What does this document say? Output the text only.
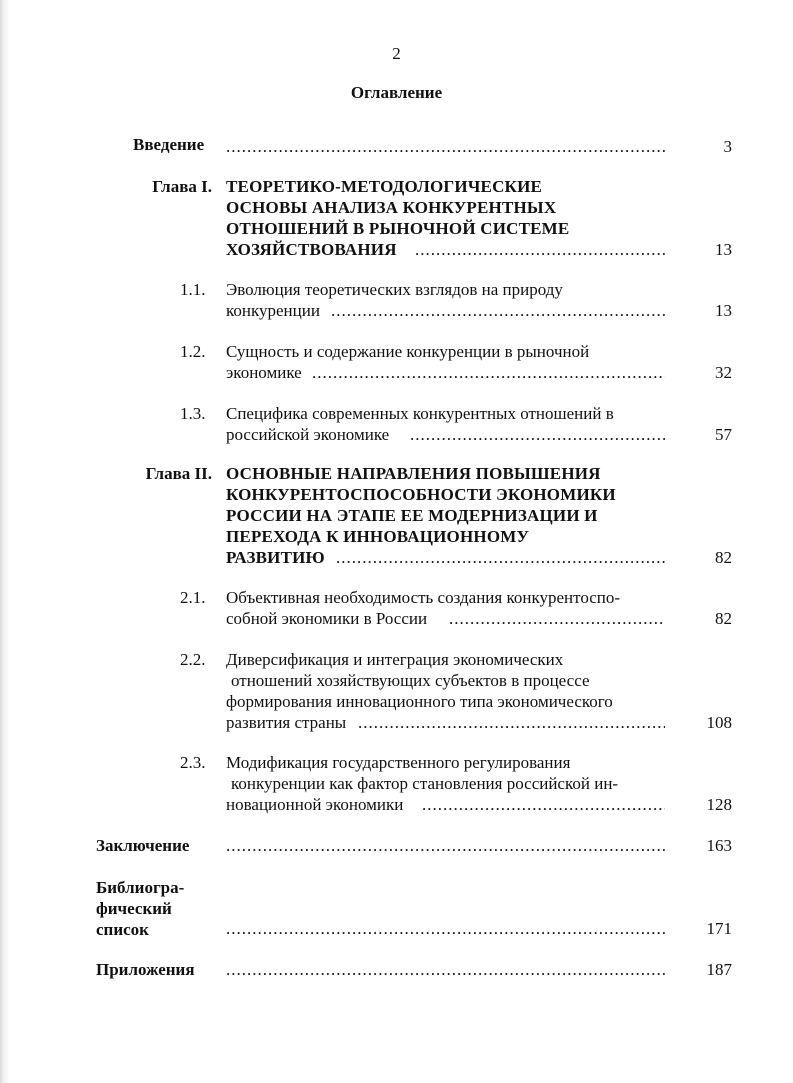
2
Оглавление
Введение .....	3
Глава I. ТЕОРЕТИКО-МЕТОДОЛОГИЧЕСКИЕ
ОСНОВЫ АНАЛИЗА КОНКУРЕНТНЫХ
ОТНОШЕНИЙ В РЫНОЧНОЙ СИСТЕМЕ
ХОЗЯЙСТВОВАНИЯ .....	13
1.1. Эволюция теоретических взглядов на природу
конкуренции .....	13
1.2. Сущность и содержание конкуренции в рыночной
экономике .....	32
1.3. Специфика современных конкурентных отношений в
российской экономике .....	57
Глава II. ОСНОВНЫЕ НАПРАВЛЕНИЯ ПОВЫШЕНИЯ
КОНКУРЕНТОСПОСОБНОСТИ ЭКОНОМИКИ
РОССИИ НА ЭТАПЕ ЕЕ МОДЕРНИЗАЦИИ И
ПЕРЕХОДА К ИННОВАЦИОННОМУ
РАЗВИТИЮ .....	82
2.1. Объективная необходимость создания конкурентоспо-
собной экономики в России .....	82
2.2. Диверсификация и интеграция экономических
отношений хозяйствующих субъектов в процессе
формирования инновационного типа экономического
развития страны .....	108
2.3. Модификация государственного регулирования
конкуренции как фактор становления российской ин-
новационной экономики .....	128
Заключение .....	163
Библиогра-
фический
список .....	171
Приложения .....	187
